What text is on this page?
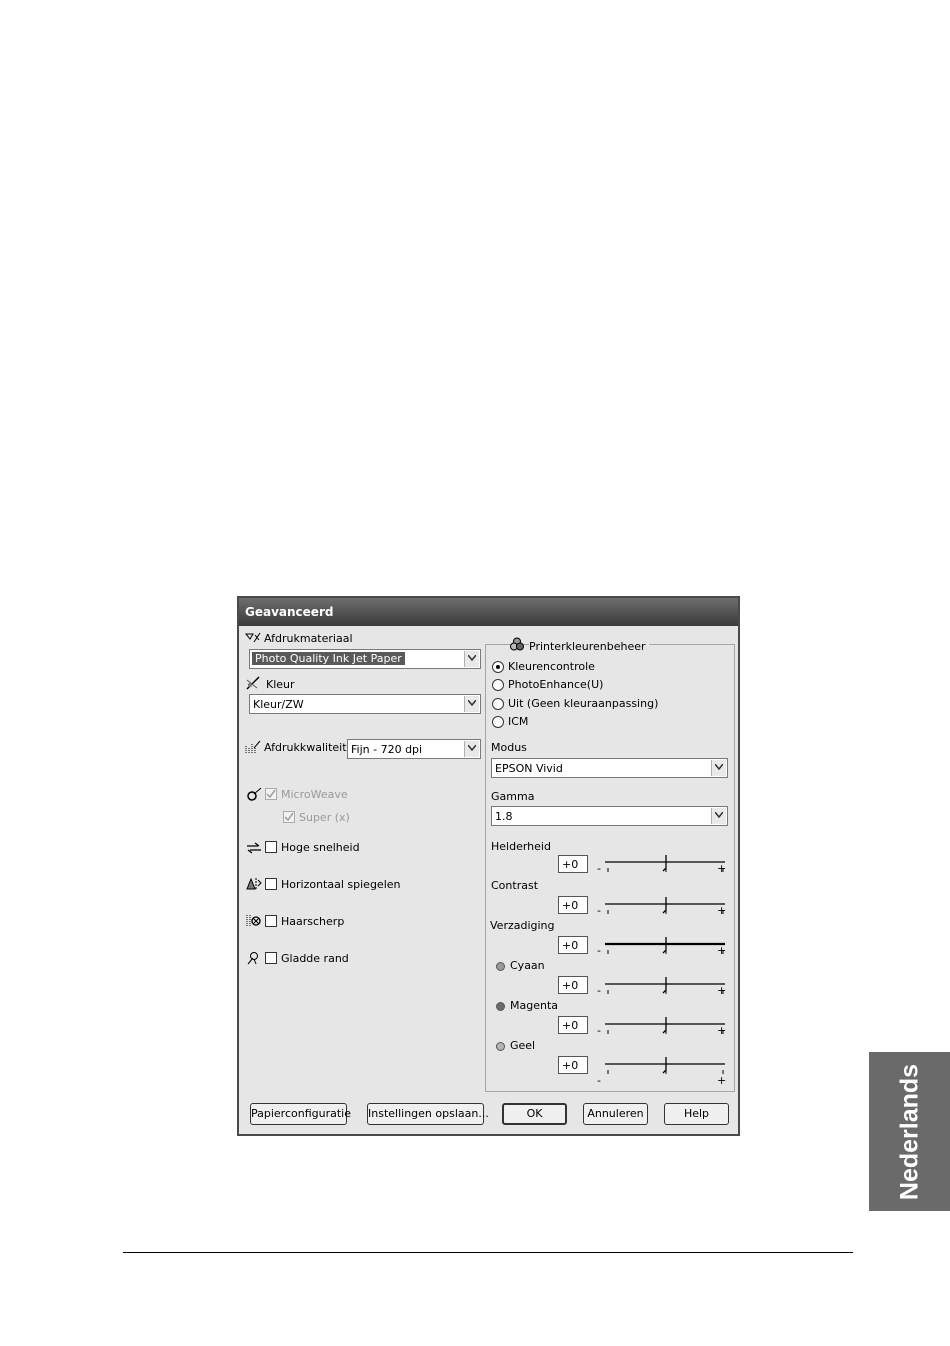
Geavanceerd
Afdrukmateriaal
Photo Quality Ink Jet Paper
Kleur
Kleur/ZW
Afdrukkwaliteit Fijn - 720 dpi
MicroWeave
Super (x)
Hoge snelheid
Horizontaal spiegelen
Haarscherp
Gladde rand
Printerkleurenbeheer
Kleurencontrole
PhotoEnhance(U)
Uit (Geen kleuraanpassing)
ICM
Modus
EPSON Vivid
Gamma
1.8
Helderheid
+0 -	+
Contrast
+0 -	+
Verzadiging
+0 -	+
Cyaan
+0 -	+
Magenta
+0 -	+
Geel
+0
-	+
Papierconfiguratie Instellingen opslaan...	OK	Annuleren	Help	Nederlands
